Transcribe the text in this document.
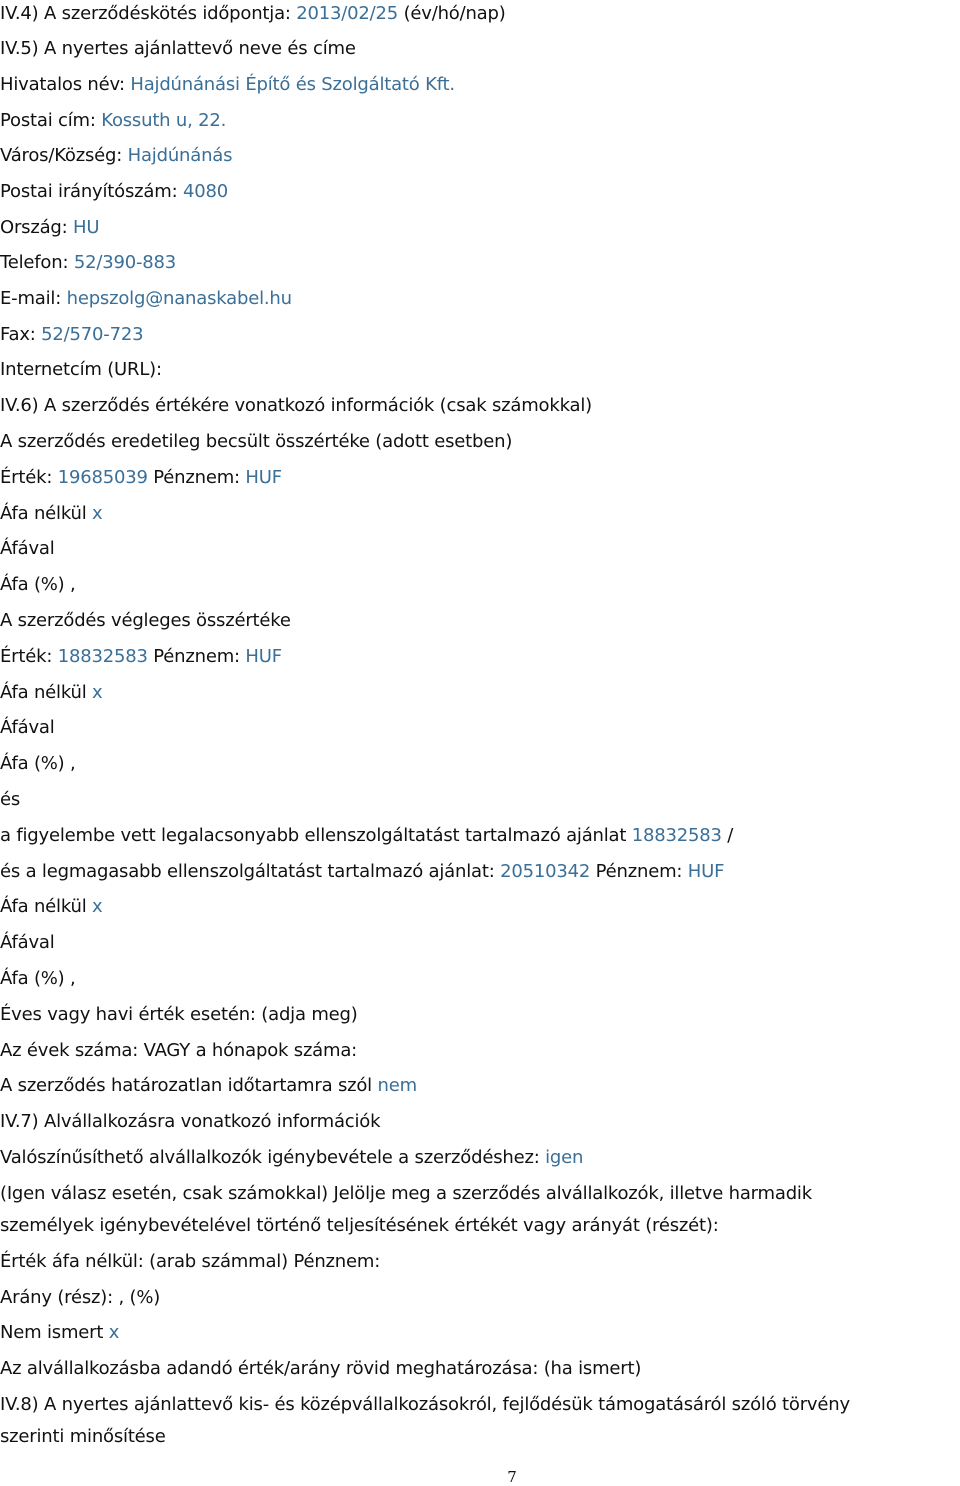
IV.4) A szerződéskötés időpontja: 2013/02/25 (év/hó/nap)
IV.5) A nyertes ajánlattevő neve és címe
Hivatalos név: Hajdúnánási Építő és Szolgáltató Kft.
Postai cím: Kossuth u, 22.
Város/Község: Hajdúnánás
Postai irányítószám: 4080
Ország: HU
Telefon: 52/390-883
E-mail: hepszolg@nanaskabel.hu
Fax: 52/570-723
Internetcím (URL):
IV.6) A szerződés értékére vonatkozó információk (csak számokkal)
A szerződés eredetileg becsült összértéke (adott esetben)
Érték: 19685039 Pénznem: HUF
Áfa nélkül x
Áfával
Áfa (%) ,
A szerződés végleges összértéke
Érték: 18832583 Pénznem: HUF
Áfa nélkül x
Áfával
Áfa (%) ,
és
a figyelembe vett legalacsonyabb ellenszolgáltatást tartalmazó ajánlat 18832583 /
és a legmagasabb ellenszolgáltatást tartalmazó ajánlat: 20510342 Pénznem: HUF
Áfa nélkül x
Áfával
Áfa (%) ,
Éves vagy havi érték esetén: (adja meg)
Az évek száma: VAGY a hónapok száma:
A szerződés határozatlan időtartamra szól nem
IV.7) Alvállalkozásra vonatkozó információk
Valószínűsíthető alvállalkozók igénybevétele a szerződéshez: igen
(Igen válasz esetén, csak számokkal) Jelölje meg a szerződés alvállalkozók, illetve harmadik
személyek igénybevételével történő teljesítésének értékét vagy arányát (részét):
Érték áfa nélkül: (arab számmal) Pénznem:
Arány (rész): , (%)
Nem ismert x
Az alvállalkozásba adandó érték/arány rövid meghatározása: (ha ismert)
IV.8) A nyertes ajánlattevő kis- és középvállalkozásokról, fejlődésük támogatásáról szóló törvény
szerinti minősítése
7
